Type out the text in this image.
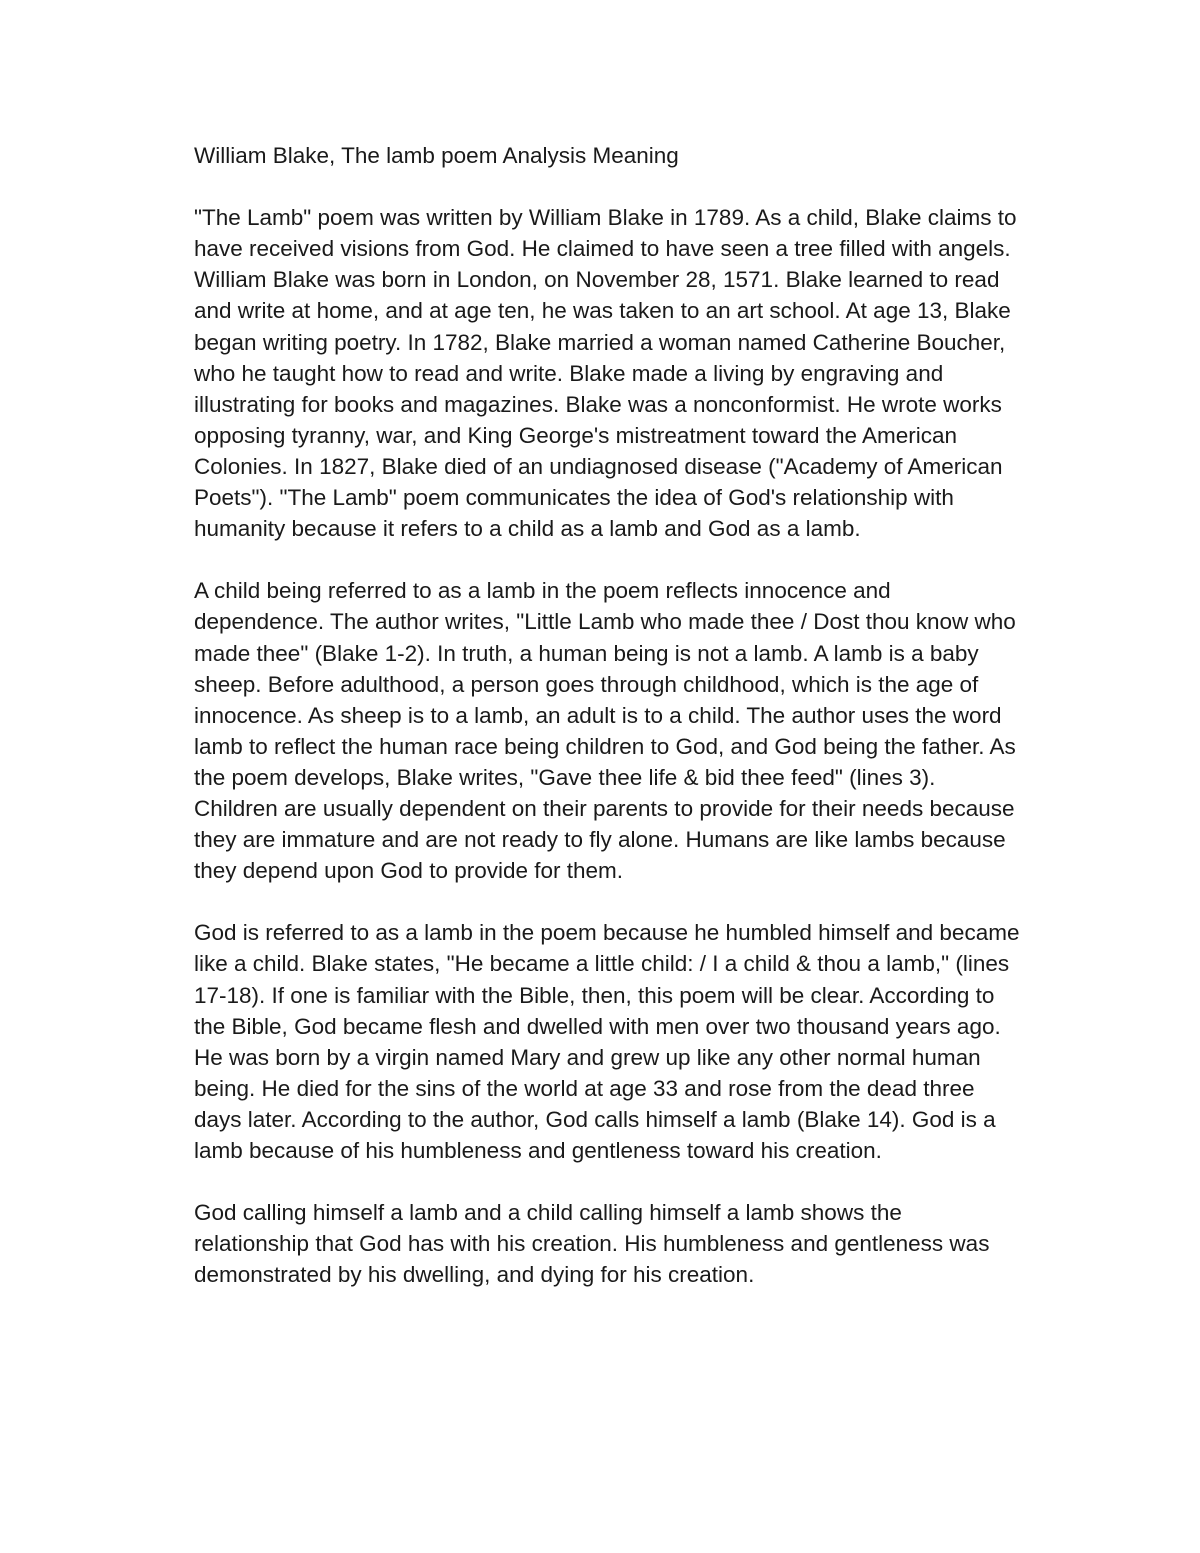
William Blake, The lamb poem Analysis Meaning

"The Lamb" poem was written by William Blake in 1789. As a child, Blake claims to
have received visions from God. He claimed to have seen a tree filled with angels.
William Blake was born in London, on November 28, 1571. Blake learned to read
and write at home, and at age ten, he was taken to an art school. At age 13, Blake
began writing poetry. In 1782, Blake married a woman named Catherine Boucher,
who he taught how to read and write. Blake made a living by engraving and
illustrating for books and magazines. Blake was a nonconformist. He wrote works
opposing tyranny, war, and King George's mistreatment toward the American
Colonies. In 1827, Blake died of an undiagnosed disease ("Academy of American
Poets"). "The Lamb" poem communicates the idea of God's relationship with
humanity because it refers to a child as a lamb and God as a lamb.

A child being referred to as a lamb in the poem reflects innocence and
dependence. The author writes, "Little Lamb who made thee / Dost thou know who
made thee" (Blake 1-2). In truth, a human being is not a lamb. A lamb is a baby
sheep. Before adulthood, a person goes through childhood, which is the age of
innocence. As sheep is to a lamb, an adult is to a child. The author uses the word
lamb to reflect the human race being children to God, and God being the father. As
the poem develops, Blake writes, "Gave thee life & bid thee feed" (lines 3).
Children are usually dependent on their parents to provide for their needs because
they are immature and are not ready to fly alone. Humans are like lambs because
they depend upon God to provide for them.

God is referred to as a lamb in the poem because he humbled himself and became
like a child. Blake states, "He became a little child: / I a child & thou a lamb," (lines
17-18). If one is familiar with the Bible, then, this poem will be clear. According to
the Bible, God became flesh and dwelled with men over two thousand years ago.
He was born by a virgin named Mary and grew up like any other normal human
being. He died for the sins of the world at age 33 and rose from the dead three
days later. According to the author, God calls himself a lamb (Blake 14). God is a
lamb because of his humbleness and gentleness toward his creation.

God calling himself a lamb and a child calling himself a lamb shows the
relationship that God has with his creation. His humbleness and gentleness was
demonstrated by his dwelling, and dying for his creation.
